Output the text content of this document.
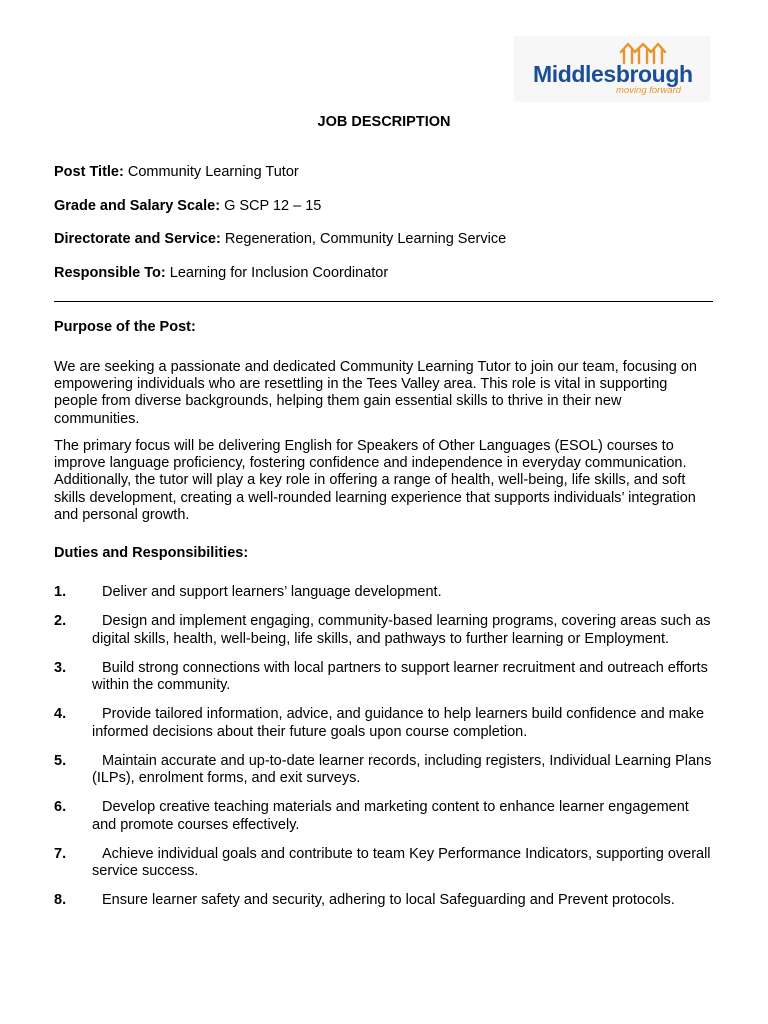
Middlesbrough
moving forward
JOB DESCRIPTION
Post Title: Community Learning Tutor
Grade and Salary Scale: G SCP 12 – 15
Directorate and Service: Regeneration, Community Learning Service
Responsible To: Learning for Inclusion Coordinator
Purpose of the Post:

We are seeking a passionate and dedicated Community Learning Tutor to join our team, focusing on empowering individuals who are resettling in the Tees Valley area. This role is vital in supporting people from diverse backgrounds, helping them gain essential skills to thrive in their new communities.

The primary focus will be delivering English for Speakers of Other Languages (ESOL) courses to improve language proficiency, fostering confidence and independence in everyday communication. Additionally, the tutor will play a key role in offering a range of health, well-being, life skills, and soft skills development, creating a well-rounded learning experience that supports individuals’ integration and personal growth.

Duties and Responsibilities:
1.	Deliver and support learners’ language development.
2.	Design and implement engaging, community-based learning programs, covering areas such as digital skills, health, well-being, life skills, and pathways to further learning or Employment.
3.	Build strong connections with local partners to support learner recruitment and outreach efforts within the community.
4.	Provide tailored information, advice, and guidance to help learners build confidence and make informed decisions about their future goals upon course completion.
5.	Maintain accurate and up-to-date learner records, including registers, Individual Learning Plans (ILPs), enrolment forms, and exit surveys.
6.	Develop creative teaching materials and marketing content to enhance learner engagement and promote courses effectively.
7.	Achieve individual goals and contribute to team Key Performance Indicators, supporting overall service success.
8.	Ensure learner safety and security, adhering to local Safeguarding and Prevent protocols.
